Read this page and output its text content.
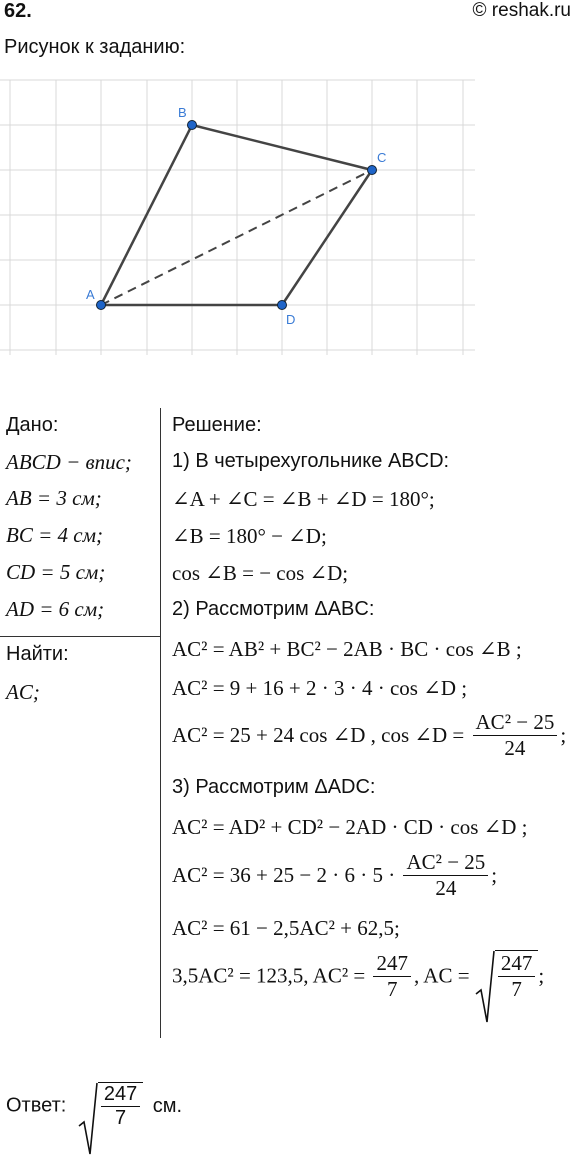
62.	© reshak.ru
Рисунок к заданию:
A
B
C
D
Дано:
ABCD − впис;
AB = 3 см;
BC = 4 см;
CD = 5 см;
AD = 6 см;
Найти:
AC;
Решение:
1) В четырехугольнике ABCD:
∠A + ∠C = ∠B + ∠D = 180°;
∠B = 180° − ∠D;
cos ∠B = − cos ∠D;
2) Рассмотрим ΔABC:
AC² = AB² + BC² − 2AB · BC · cos ∠B ;
AC² = 9 + 16 + 2 · 3 · 4 · cos ∠D ;
AC² = 25 + 24 cos ∠D , cos ∠D = $\frac{\text{AC² − 25}}{24}$ ;
3) Рассмотрим ΔADC:
AC² = AD² + CD² − 2AD · CD · cos ∠D ;
$AC^2 = 36 + 25 - 2 \cdot 6 \cdot 5 \cdot \frac{\text{AC² − 25}}{24}$ ;
AC² = 61 − 2,5AC² + 62,5;
3,5AC² = 123,5, $AC^2 = \frac{247}{7}$ , AC = $\frac{247}{7}$ ;
Ответ: $\frac{247}{7}$ см.
